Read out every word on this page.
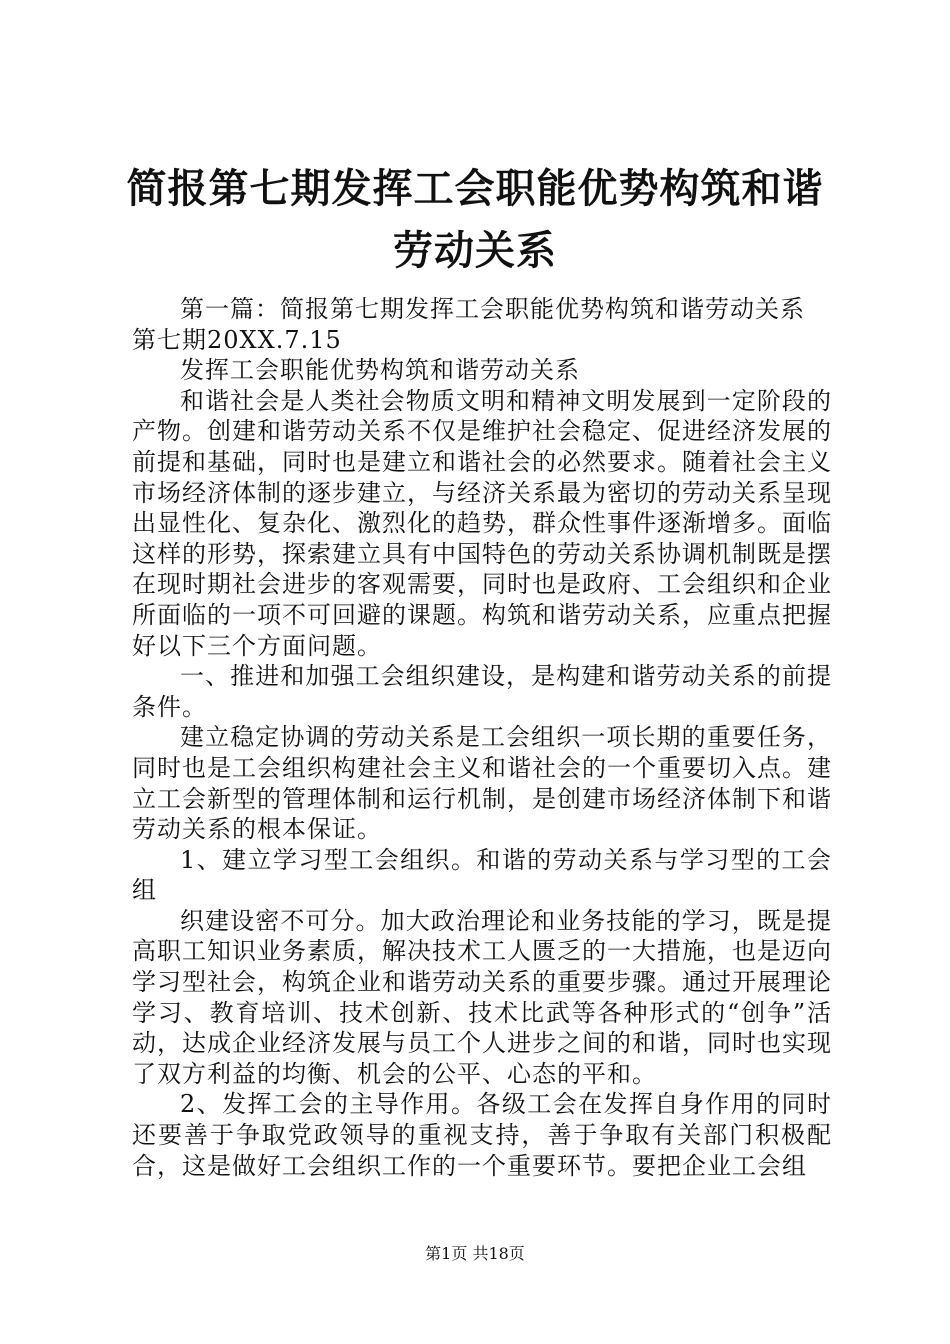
简报第七期发挥工会职能优势构筑和谐劳动关系

第一篇：简报第七期发挥工会职能优势构筑和谐劳动关系

第七期20XX.7.15

发挥工会职能优势构筑和谐劳动关系

和谐社会是人类社会物质文明和精神文明发展到一定阶段的产物。创建和谐劳动关系不仅是维护社会稳定、促进经济发展的前提和基础，同时也是建立和谐社会的必然要求。随着社会主义市场经济体制的逐步建立，与经济关系最为密切的劳动关系呈现出显性化、复杂化、激烈化的趋势，群众性事件逐渐增多。面临这样的形势，探索建立具有中国特色的劳动关系协调机制既是摆在现时期社会进步的客观需要，同时也是政府、工会组织和企业所面临的一项不可回避的课题。构筑和谐劳动关系，应重点把握好以下三个方面问题。

一、推进和加强工会组织建设，是构建和谐劳动关系的前提条件。

建立稳定协调的劳动关系是工会组织一项长期的重要任务，同时也是工会组织构建社会主义和谐社会的一个重要切入点。建立工会新型的管理体制和运行机制，是创建市场经济体制下和谐劳动关系的根本保证。

1、建立学习型工会组织。和谐的劳动关系与学习型的工会组

织建设密不可分。加大政治理论和业务技能的学习，既是提高职工知识业务素质，解决技术工人匮乏的一大措施，也是迈向学习型社会，构筑企业和谐劳动关系的重要步骤。通过开展理论学习、教育培训、技术创新、技术比武等各种形式的“创争”活动，达成企业经济发展与员工个人进步之间的和谐，同时也实现了双方利益的均衡、机会的公平、心态的平和。

2、发挥工会的主导作用。各级工会在发挥自身作用的同时还要善于争取党政领导的重视支持，善于争取有关部门积极配合，这是做好工会组织工作的一个重要环节。要把企业工会组

第1页 共18页
